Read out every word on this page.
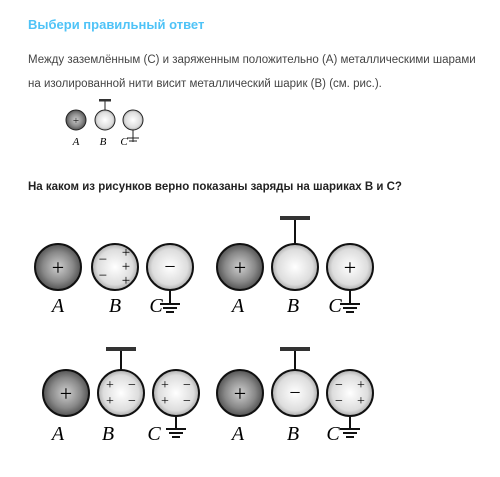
Выбери правильный ответ
Между заземлённым (С) и заряженным положительно (А) металлическими шарами на изолированной нити висит металлический шарик (В) (см. рис.).
+
A B C
На каком из рисунков верно показаны заряды на шариках В и С?
+ −
−
+
+
+
−
A B C
+	+
A B C
+ +
+
−
−
+
+
−
−
A B C
+ − −
−
+
+
A B C
